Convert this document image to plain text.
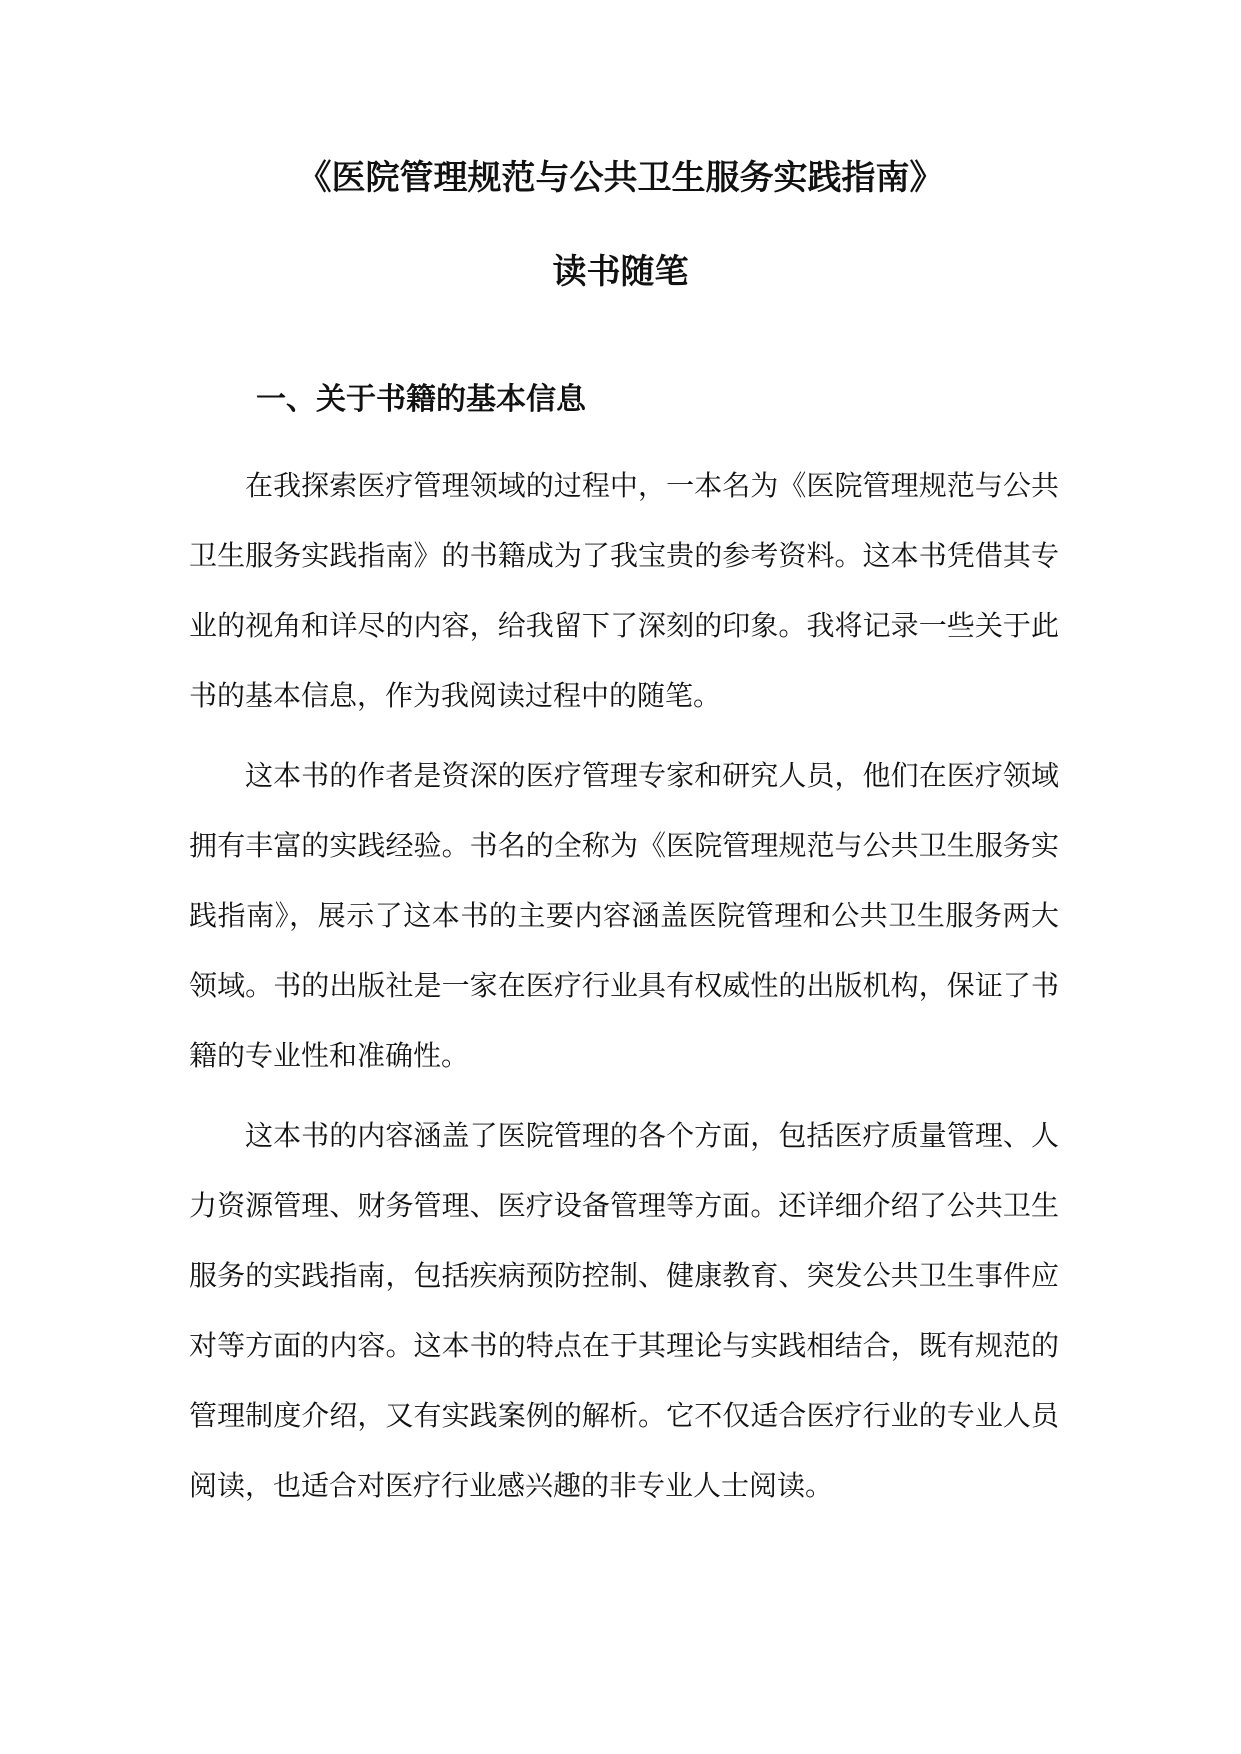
《医院管理规范与公共卫生服务实践指南》
读书随笔
一、关于书籍的基本信息

在我探索医疗管理领域的过程中，一本名为《医院管理规范与公共卫生服务实践指南》的书籍成为了我宝贵的参考资料。这本书凭借其专业的视角和详尽的内容，给我留下了深刻的印象。我将记录一些关于此书的基本信息，作为我阅读过程中的随笔。

这本书的作者是资深的医疗管理专家和研究人员，他们在医疗领域拥有丰富的实践经验。书名的全称为《医院管理规范与公共卫生服务实践指南》，展示了这本书的主要内容涵盖医院管理和公共卫生服务两大领域。书的出版社是一家在医疗行业具有权威性的出版机构，保证了书籍的专业性和准确性。

这本书的内容涵盖了医院管理的各个方面，包括医疗质量管理、人力资源管理、财务管理、医疗设备管理等方面。还详细介绍了公共卫生服务的实践指南，包括疾病预防控制、健康教育、突发公共卫生事件应对等方面的内容。这本书的特点在于其理论与实践相结合，既有规范的管理制度介绍，又有实践案例的解析。它不仅适合医疗行业的专业人员阅读，也适合对医疗行业感兴趣的非专业人士阅读。
